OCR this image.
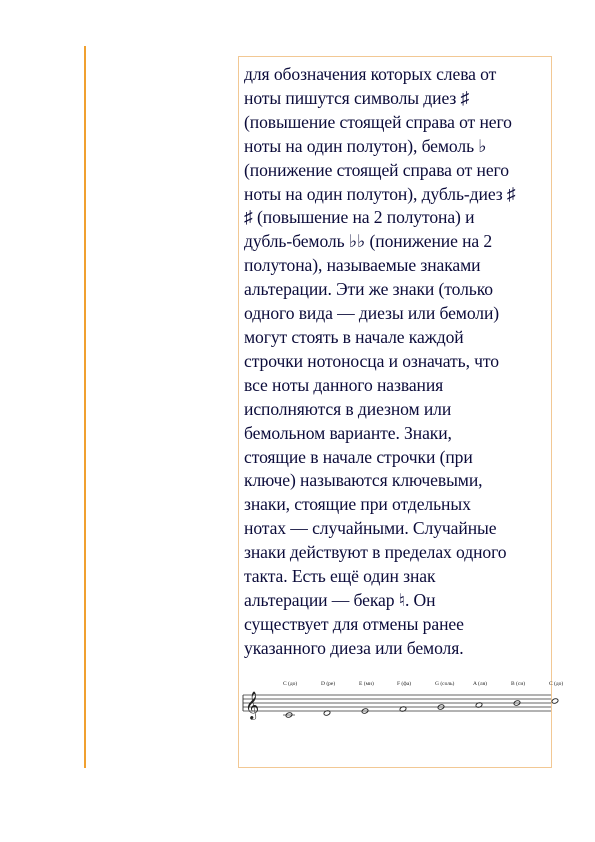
для обозначения которых слева от
ноты пишутся символы диез ♯
(повышение стоящей справа от него
ноты на один полутон), бемоль ♭
(понижение стоящей справа от него
ноты на один полутон), дубль-диез ♯
♯ (повышение на 2 полутона) и
дубль-бемоль ♭♭ (понижение на 2
полутона), называемые знаками
альтерации. Эти же знаки (только
одного вида — диезы или бемоли)
могут стоять в начале каждой
строчки нотоносца и означать, что
все ноты данного названия
исполняются в диезном или
бемольном варианте. Знаки,
стоящие в начале строчки (при
ключе) называются ключевыми,
знаки, стоящие при отдельных
нотах — случайными. Случайные
знаки действуют в пределах одного
такта. Есть ещё один знак
альтерации — бекар ♮. Он
существует для отмены ранее
указанного диеза или бемоля.
𝄞
C (до)	D (ре)	E (ми)	F (фа)	G (соль)	A (ля)	B (си)	C (до)
